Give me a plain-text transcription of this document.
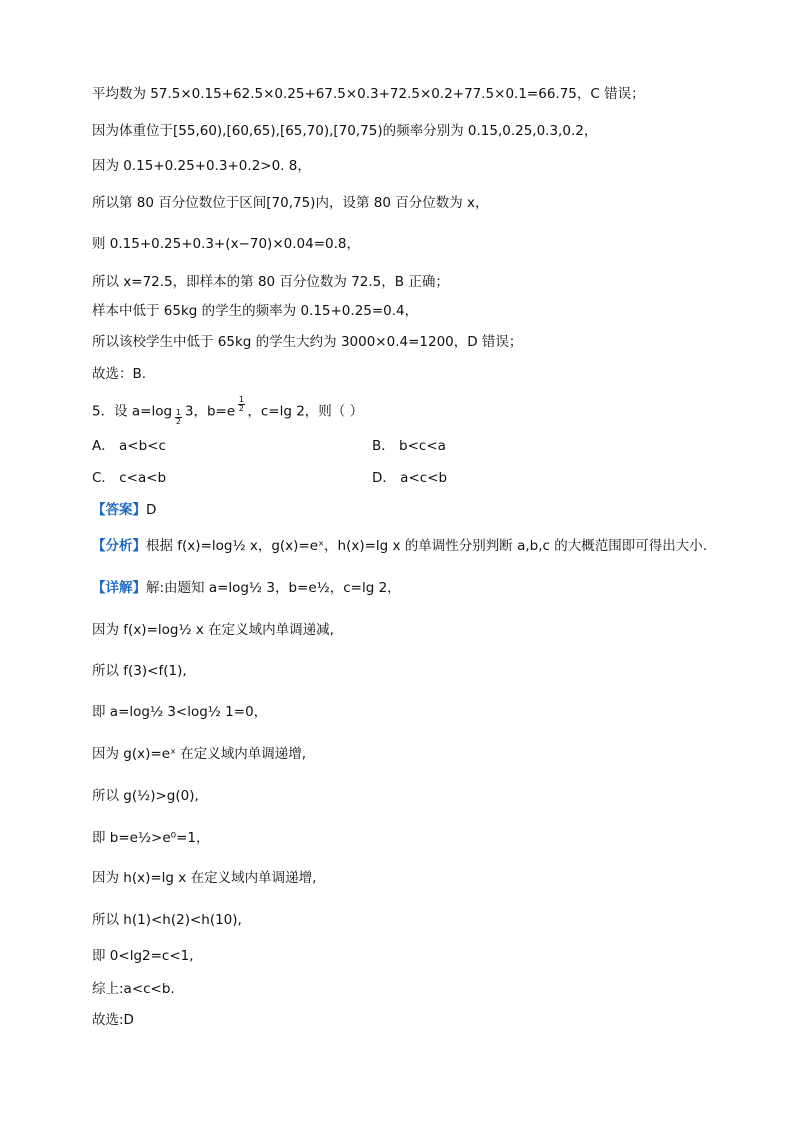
平均数为 57.5×0.15+62.5×0.25+67.5×0.3+72.5×0.2+77.5×0.1=66.75，C 错误；
因为体重位于[55,60),[60,65),[65,70),[70,75)的频率分别为 0.15,0.25,0.3,0.2，
因为 0.15+0.25+0.3+0.2>0. 8，
所以第 80 百分位数位于区间[70,75)内，设第 80 百分位数为 x，
则 0.15+0.25+0.3+(x−70)×0.04=0.8，
所以 x=72.5，即样本的第 80 百分位数为 72.5，B 正确；
样本中低于 65kg 的学生的频率为 0.15+0.25=0.4，
所以该校学生中低于 65kg 的学生大约为 3000×0.4=1200，D 错误；
故选：B.
5．设 a=log $_{\frac{1}{2}}$ 3，b=e $^{\frac{1}{2}}$ ，c=lg 2，则（ ）
A． a<b<c	B． b<c<a
C． c<a<b	D． a<c<b
【答案】D
【分析】根据 f(x)=log½ x，g(x)=eˣ，h(x)=lg x 的单调性分别判断 a,b,c 的大概范围即可得出大小.
【详解】解:由题知 a=log½ 3，b=e½，c=lg 2，
因为 f(x)=log½ x 在定义域内单调递减,
所以 f(3)<f(1),
即 a=log½ 3<log½ 1=0，
因为 g(x)=eˣ 在定义域内单调递增,
所以 g(½)>g(0),
即 b=e½>e⁰=1，
因为 h(x)=lg x 在定义域内单调递增,
所以 h(1)<h(2)<h(10),
即 0<lg2=c<1,
综上:a<c<b.
故选:D
